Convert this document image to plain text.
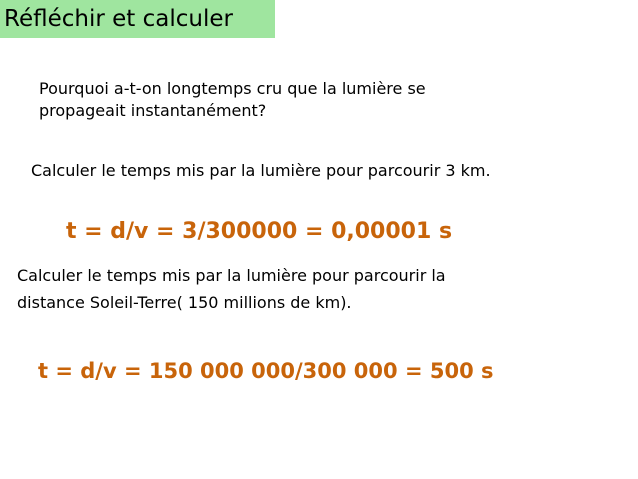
Réfléchir et calculer
Pourquoi a-t-on longtemps cru que la lumière se
propageait instantanément?
Calculer le temps mis par la lumière pour parcourir 3 km.
t = d/v = 3/300000 = 0,00001 s
Calculer le temps mis par la lumière pour parcourir la
distance Soleil-Terre( 150 millions de km).
t = d/v = 150 000 000/300 000 = 500 s
